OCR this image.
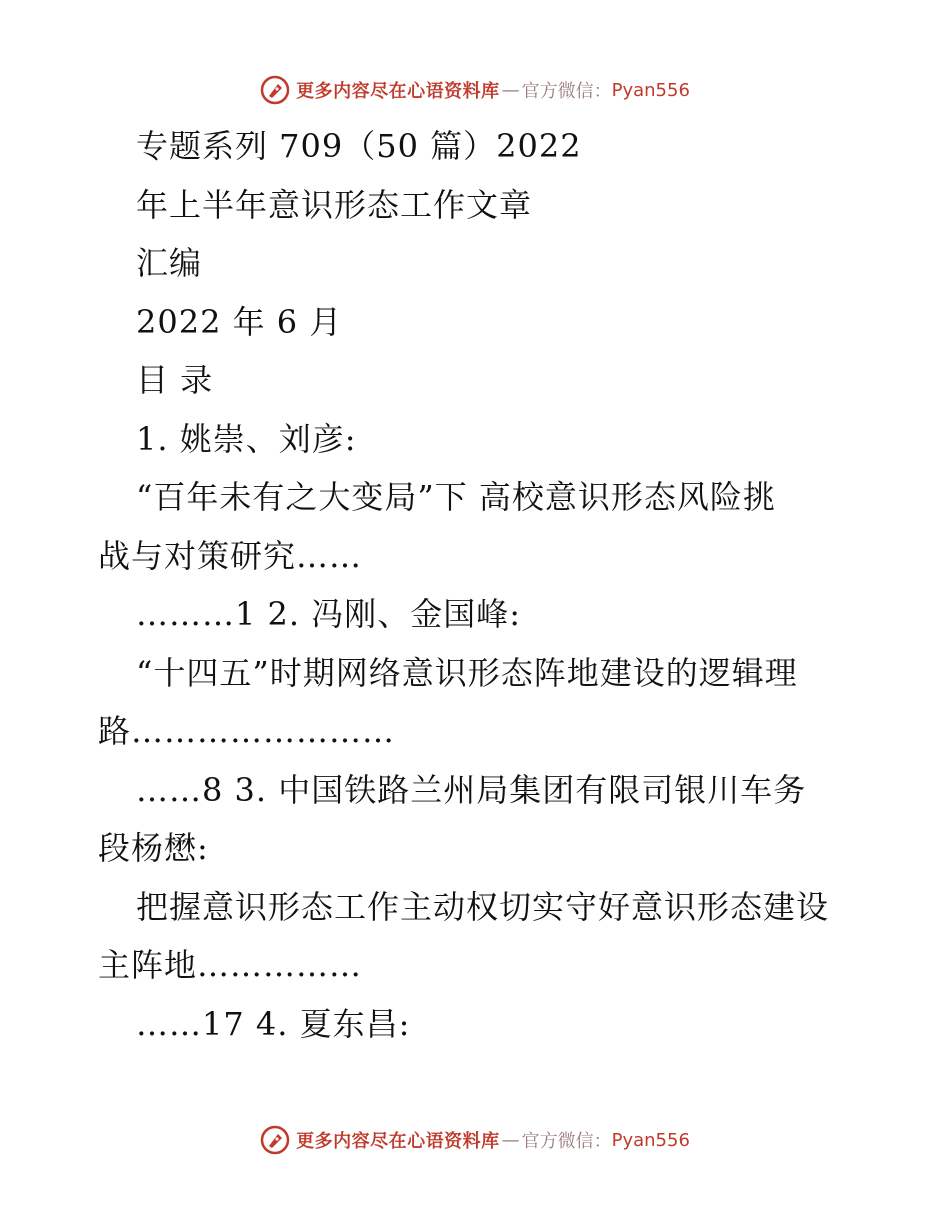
更多内容尽在心语资料库 — 官方微信： Pyan556
专题系列 709（50 篇）2022
年上半年意识形态工作文章
汇编
2022 年 6 月
目 录
1. 姚崇、刘彦:
“百年未有之大变局”下 高校意识形态风险挑
战与对策研究……
………1 2. 冯刚、金国峰:
“十四五”时期网络意识形态阵地建设的逻辑理
路……………………
……8 3. 中国铁路兰州局集团有限司银川车务
段杨懋:
把握意识形态工作主动权切实守好意识形态建设
主阵地……………
……17 4. 夏东昌:
更多内容尽在心语资料库 — 官方微信： Pyan556
